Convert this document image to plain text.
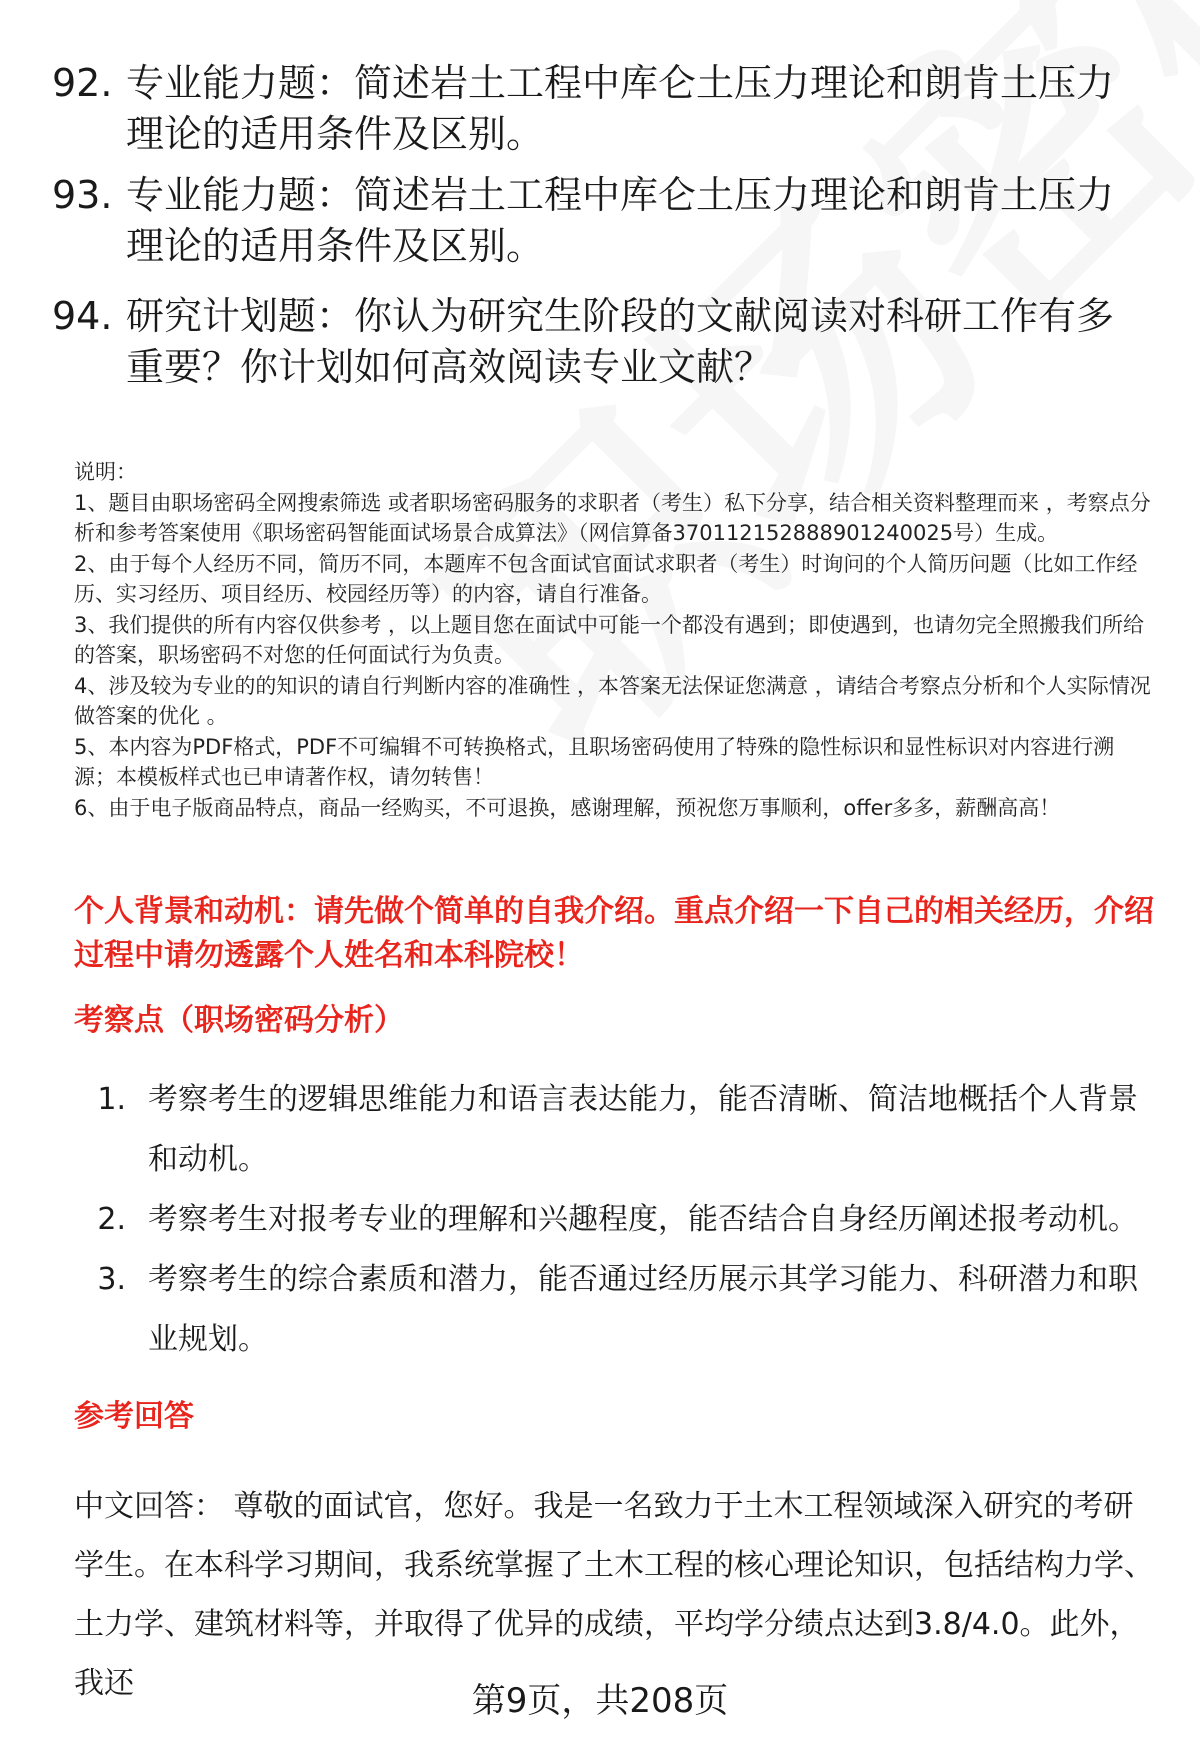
92. 专业能力题：简述岩土工程中库仑土压力理论和朗肯土压力理论的适用条件及区别。
93. 专业能力题：简述岩土工程中库仑土压力理论和朗肯土压力理论的适用条件及区别。
94. 研究计划题：你认为研究生阶段的文献阅读对科研工作有多重要？你计划如何高效阅读专业文献？

说明：

1、题目由职场密码全网搜索筛选 或者职场密码服务的求职者（考生）私下分享，结合相关资料整理而来 ，考察点分析和参考答案使用《职场密码智能面试场景合成算法》（网信算备370112152888901240025号）生成。

2、由于每个人经历不同，简历不同，本题库不包含面试官面试求职者（考生）时询问的个人简历问题（比如工作经历、实习经历、项目经历、校园经历等）的内容，请自行准备。

3、我们提供的所有内容仅供参考 ，以上题目您在面试中可能一个都没有遇到；即使遇到，也请勿完全照搬我们所给的答案，职场密码不对您的任何面试行为负责。

4、涉及较为专业的的知识的请自行判断内容的准确性 ，本答案无法保证您满意 ，请结合考察点分析和个人实际情况做答案的优化 。

5、本内容为PDF格式，PDF不可编辑不可转换格式，且职场密码使用了特殊的隐性标识和显性标识对内容进行溯源；本模板样式也已申请著作权，请勿转售！

6、由于电子版商品特点，商品一经购买，不可退换，感谢理解，预祝您万事顺利，offer多多，薪酬高高！

个人背景和动机：请先做个简单的自我介绍。重点介绍一下自己的相关经历，介绍过程中请勿透露个人姓名和本科院校！
考察点（职场密码分析）
1. 考察考生的逻辑思维能力和语言表达能力，能否清晰、简洁地概括个人背景和动机。
2. 考察考生对报考专业的理解和兴趣程度，能否结合自身经历阐述报考动机。
3. 考察考生的综合素质和潜力，能否通过经历展示其学习能力、科研潜力和职业规划。
参考回答
中文回答： 尊敬的面试官，您好。我是一名致力于土木工程领域深入研究的考研学生。在本科学习期间，我系统掌握了土木工程的核心理论知识，包括结构力学、土力学、建筑材料等，并取得了优异的成绩，平均学分绩点达到3.8/4.0。此外，我还	第9页，共208页
